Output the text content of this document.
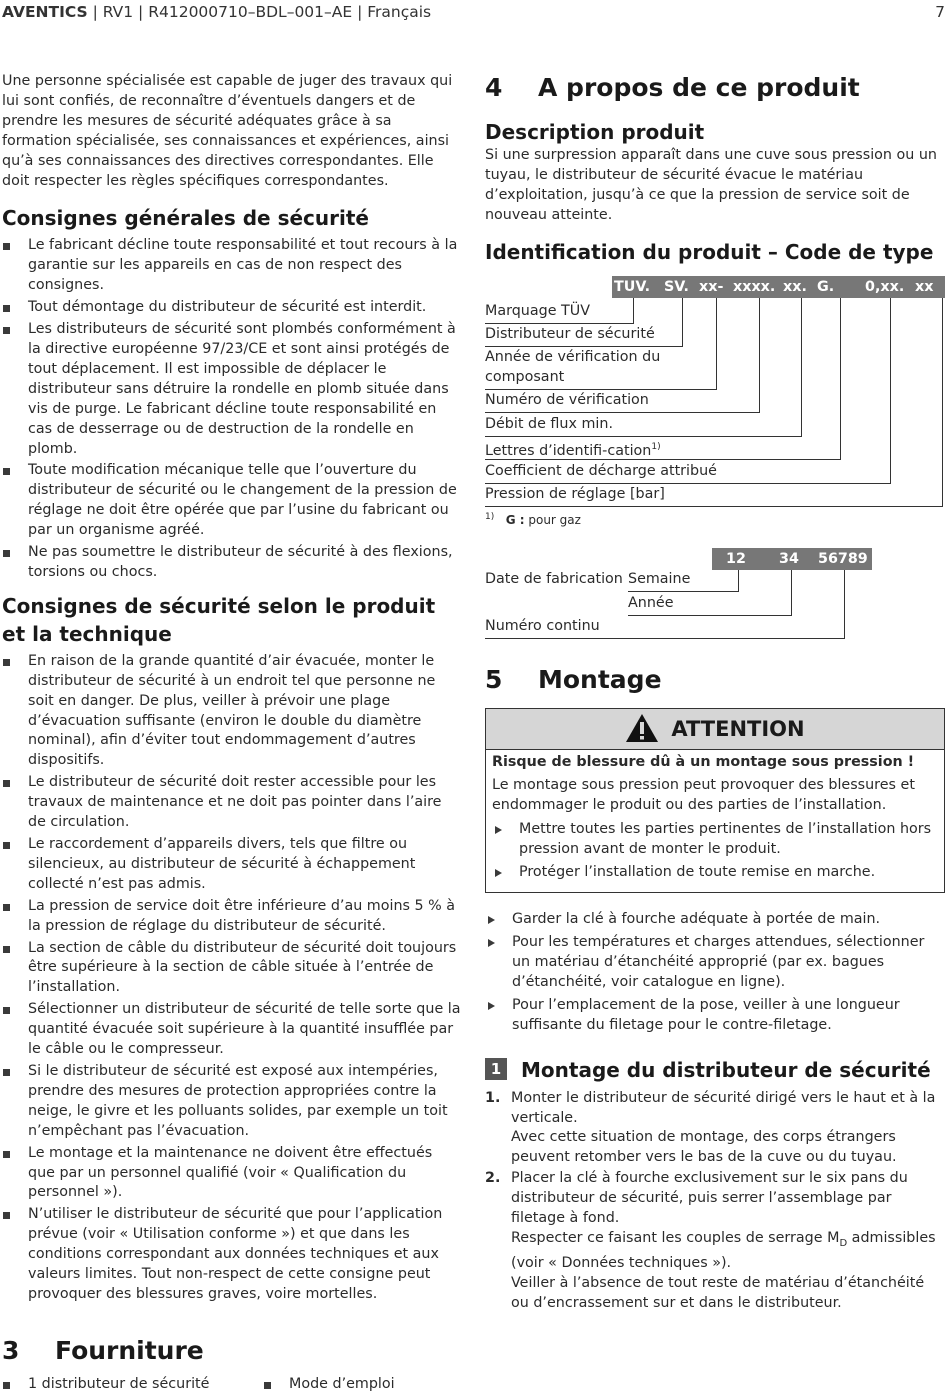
AVENTICS | RV1 | R412000710–BDL–001–AE | Français	7

Une personne spécialisée est capable de juger des travaux qui lui sont confiés, de reconnaître d’éventuels dangers et de prendre les mesures de sécurité adéquates grâce à sa formation spécialisée, ses connaissances et expériences, ainsi qu’à ses connaissances des directives correspondantes. Elle doit respecter les règles spécifiques correspondantes.

Consignes générales de sécurité
Le fabricant décline toute responsabilité et tout recours à la garantie sur les appareils en cas de non respect des consignes.
Tout démontage du distributeur de sécurité est interdit.
Les distributeurs de sécurité sont plombés conformément à la directive européenne 97/23/CE et sont ainsi protégés de tout déplacement. Il est impossible de déplacer le distributeur sans détruire la rondelle en plomb située dans vis de purge. Le fabricant décline toute responsabilité en cas de desserrage ou de destruction de la rondelle en plomb.
Toute modification mécanique telle que l’ouverture du distributeur de sécurité ou le changement de la pression de réglage ne doit être opérée que par l’usine du fabricant ou par un organisme agréé.
Ne pas soumettre le distributeur de sécurité à des flexions, torsions ou chocs.
Consignes de sécurité selon le produit et la technique
En raison de la grande quantité d’air évacuée, monter le distributeur de sécurité à un endroit tel que personne ne soit en danger. De plus, veiller à prévoir une plage d’évacuation suffisante (environ le double du diamètre nominal), afin d’éviter tout endommagement d’autres dispositifs.
Le distributeur de sécurité doit rester accessible pour les travaux de maintenance et ne doit pas pointer dans l’aire de circulation.
Le raccordement d’appareils divers, tels que filtre ou silencieux, au distributeur de sécurité à échappement collecté n’est pas admis.
La pression de service doit être inférieure d’au moins 5 % à la pression de réglage du distributeur de sécurité.
La section de câble du distributeur de sécurité doit toujours être supérieure à la section de câble située à l’entrée de l’installation.
Sélectionner un distributeur de sécurité de telle sorte que la quantité évacuée soit supérieure à la quantité insufflée par le câble ou le compresseur.
Si le distributeur de sécurité est exposé aux intempéries, prendre des mesures de protection appropriées contre la neige, le givre et les polluants solides, par exemple un toit n’empêchant pas l’évacuation.
Le montage et la maintenance ne doivent être effectués que par un personnel qualifié (voir « Qualification du personnel »).
N’utiliser le distributeur de sécurité que pour l’application prévue (voir « Utilisation conforme ») et que dans les conditions correspondant aux données techniques et aux valeurs limites. Tout non-respect de cette consigne peut provoquer des blessures graves, voire mortelles.
3 Fourniture
1 distributeur de sécurité	Mode d’emploi
4 A propos de ce produit
Description produit

Si une surpression apparaît dans une cuve sous pression ou un tuyau, le distributeur de sécurité évacue le matériau d’exploitation, jusqu’à ce que la pression de service soit de nouveau atteinte.

Identification du produit – Code de type
TUV. SV. xx- xxxx. xx. G. 0,xx. xx
Marquage TÜV
Distributeur de sécurité
Année de vérification du
composant
Numéro de vérification
Débit de flux min.
Lettres d’identifi-cation$^{1)}$
Coefficient de décharge attribué
Pression de réglage [bar]
$^{1)}$ G : pour gaz
12 34 56789
Date de fabrication Semaine
Année
Numéro continu
5 Montage
ATTENTION
Risque de blessure dû à un montage sous pression !

Le montage sous pression peut provoquer des blessures et endommager le produit ou des parties de l’installation.

Mettre toutes les parties pertinentes de l’installation hors pression avant de monter le produit.
Protéger l’installation de toute remise en marche.
Garder la clé à fourche adéquate à portée de main.
Pour les températures et charges attendues, sélectionner un matériau d’étanchéité approprié (par ex. bagues d’étanchéité, voir catalogue en ligne).
Pour l’emplacement de la pose, veiller à une longueur suffisante du filetage pour le contre-filetage.
1 Montage du distributeur de sécurité
1. Monter le distributeur de sécurité dirigé vers le haut et à la verticale.
Avec cette situation de montage, des corps étrangers peuvent retomber vers le bas de la cuve ou du tuyau.
2. Placer la clé à fourche exclusivement sur le six pans du distributeur de sécurité, puis serrer l’assemblage par filetage à fond.
Respecter ce faisant les couples de serrage $M_D$ admissibles (voir « Données techniques »).
Veiller à l’absence de tout reste de matériau d’étanchéité ou d’encrassement sur et dans le distributeur.
